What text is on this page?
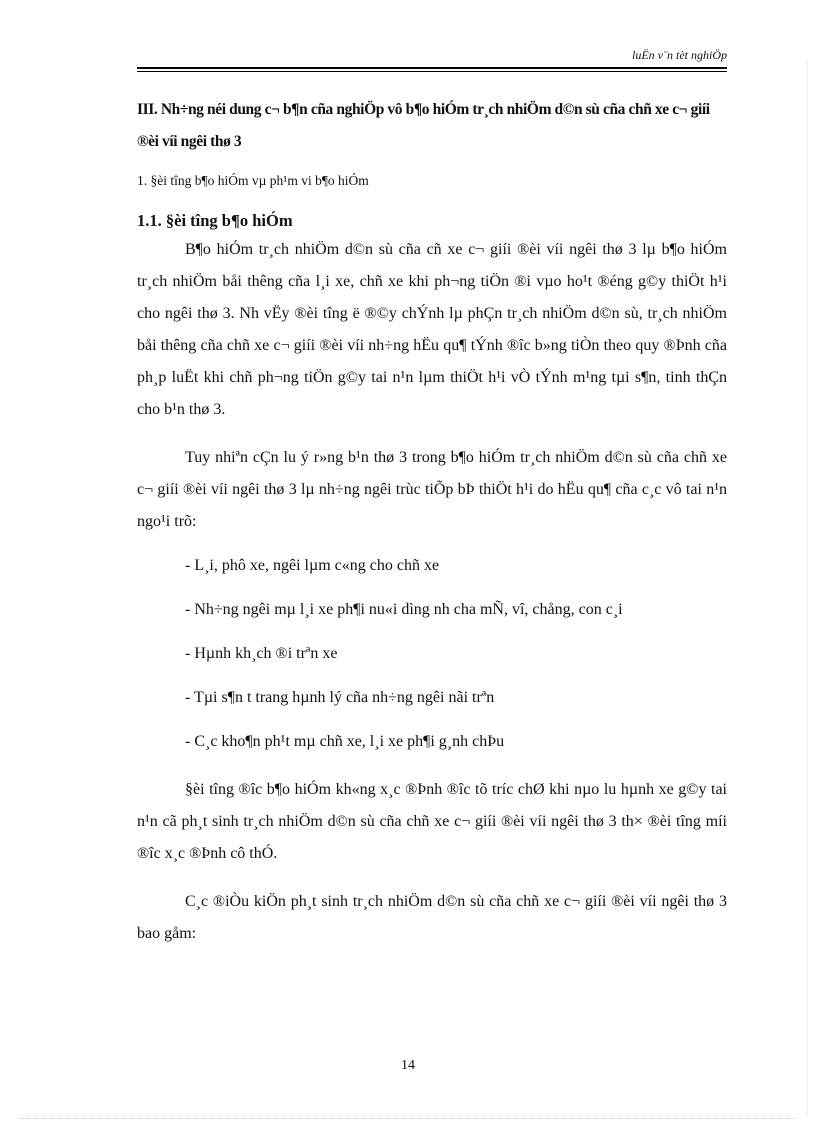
luËn v¨n tèt nghiÖp

III. Nh÷ng néi dung c¬ b¶n cña nghiÖp vô b¶o hiÓm tr¸ch nhiÖm d©n sù cña chñ xe c¬ giíi ®èi víi ngêi thø 3

1. §èi tîng b¶o hiÓm vµ ph¹m vi b¶o hiÓm

1.1. §èi tîng b¶o hiÓm

B¶o hiÓm tr¸ch nhiÖm d©n sù cña cñ xe c¬ giíi ®èi víi ngêi thø 3 lµ b¶o hiÓm tr¸ch nhiÖm båi thêng cña l¸i xe, chñ xe khi ph¬ng tiÖn ®i vµo ho¹t ®éng g©y thiÖt h¹i cho ngêi thø 3. Nh vËy ®èi tîng ë ®©y chÝnh lµ phÇn tr¸ch nhiÖm d©n sù, tr¸ch nhiÖm båi thêng cña chñ xe c¬ giíi ®èi víi nh÷ng hËu qu¶ tÝnh ®îc b»ng tiÒn theo quy ®Þnh cña ph¸p luËt khi chñ ph¬ng tiÖn g©y tai n¹n lµm thiÖt h¹i vÒ tÝnh m¹ng tµi s¶n, tinh thÇn cho b¹n thø 3.

Tuy nhiªn cÇn lu ý r»ng b¹n thø 3 trong b¶o hiÓm tr¸ch nhiÖm d©n sù cña chñ xe c¬ giíi ®èi víi ngêi thø 3 lµ nh÷ng ngêi trùc tiÕp bÞ thiÖt h¹i do hËu qu¶ cña c¸c vô tai n¹n ngo¹i trõ:

- L¸i, phô xe, ngêi lµm c«ng cho chñ xe

- Nh÷ng ngêi mµ l¸i xe ph¶i nu«i dìng nh cha mÑ, vî, chång, con c¸i

- Hµnh kh¸ch ®i trªn xe

- Tµi s¶n t trang hµnh lý cña nh÷ng ngêi nãi trªn

- C¸c kho¶n ph¹t mµ chñ xe, l¸i xe ph¶i g¸nh chÞu

§èi tîng ®îc b¶o hiÓm kh«ng x¸c ®Þnh ®îc tõ tríc chØ khi nµo lu hµnh xe g©y tai n¹n cã ph¸t sinh tr¸ch nhiÖm d©n sù cña chñ xe c¬ giíi ®èi víi ngêi thø 3 th× ®èi tîng míi ®îc x¸c ®Þnh cô thÓ.

C¸c ®iÒu kiÖn ph¸t sinh tr¸ch nhiÖm d©n sù cña chñ xe c¬ giíi ®èi víi ngêi thø 3 bao gåm:

14
